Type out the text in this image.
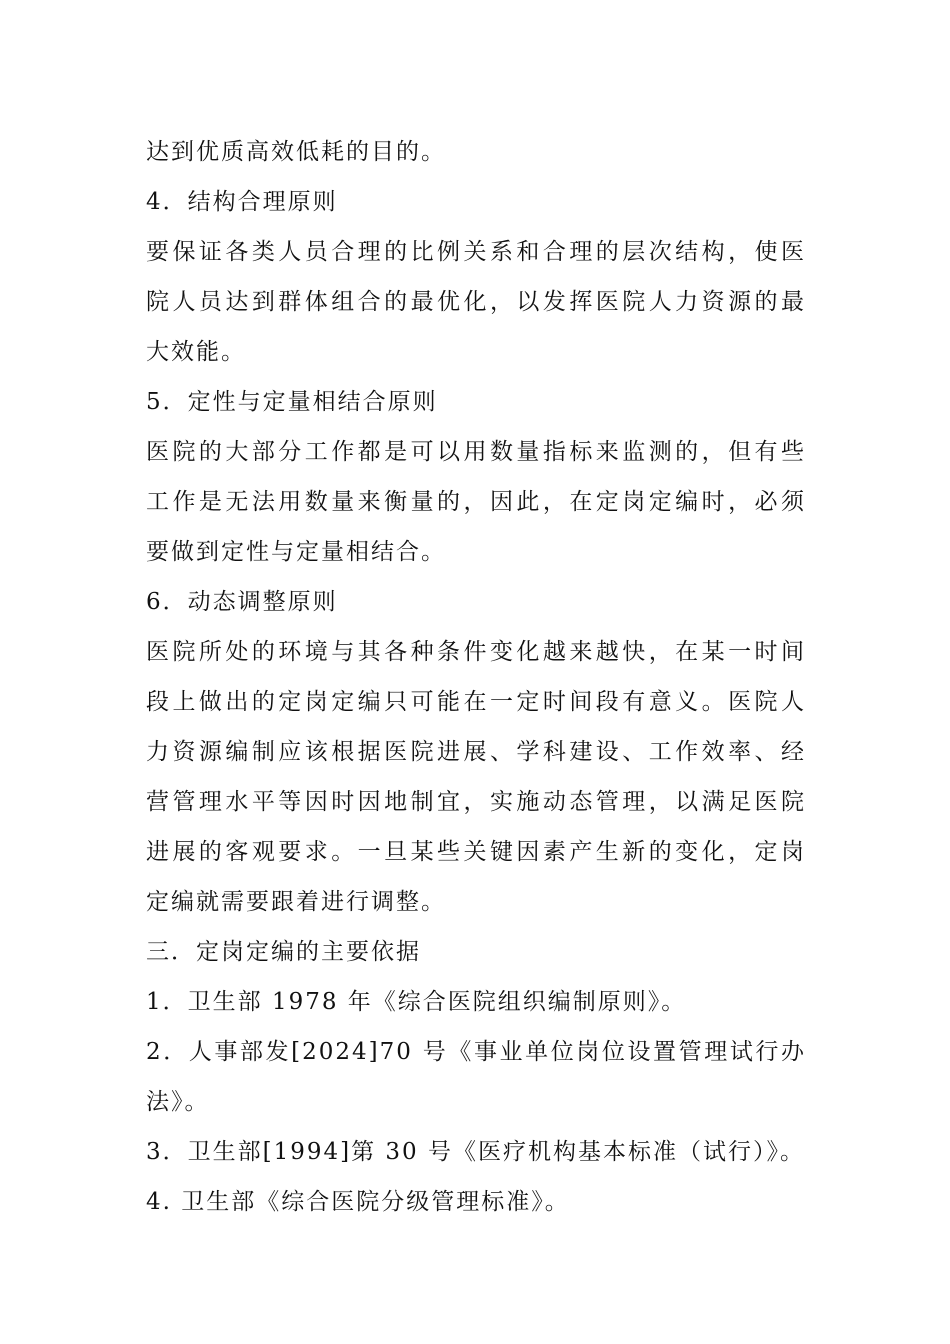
达到优质高效低耗的目的。
4．结构合理原则
要保证各类人员合理的比例关系和合理的层次结构，使医
院人员达到群体组合的最优化，以发挥医院人力资源的最
大效能。
5．定性与定量相结合原则
医院的大部分工作都是可以用数量指标来监测的，但有些
工作是无法用数量来衡量的，因此，在定岗定编时，必须
要做到定性与定量相结合。
6．动态调整原则
医院所处的环境与其各种条件变化越来越快，在某一时间
段上做出的定岗定编只可能在一定时间段有意义。医院人
力资源编制应该根据医院进展、学科建设、工作效率、经
营管理水平等因时因地制宜，实施动态管理，以满足医院
进展的客观要求。一旦某些关键因素产生新的变化，定岗
定编就需要跟着进行调整。
三．定岗定编的主要依据
1．卫生部 1978 年《综合医院组织编制原则》。
2．人事部发[2024]70 号《事业单位岗位设置管理试行办
法》。
3．卫生部[1994]第 30 号《医疗机构基本标准（试行）》。
4. 卫生部《综合医院分级管理标准》。
